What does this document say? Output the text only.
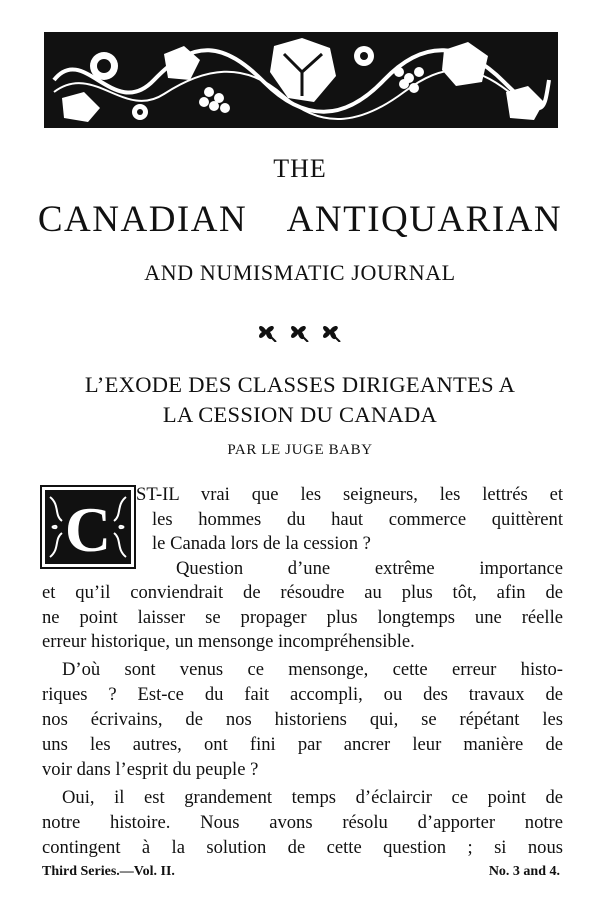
THE
CANADIAN  ANTIQUARIAN
AND NUMISMATIC JOURNAL
L’EXODE DES CLASSES DIRIGEANTES A
LA CESSION DU CANADA
PAR LE JUGE BABY
C ST-IL vrai que les seigneurs, les lettrés et
les hommes du haut commerce quittèrent
le Canada lors de la cession ?
Question d’une extrême importance
et qu’il conviendrait de résoudre au plus tôt, afin de
ne point laisser se propager plus longtemps une réelle
erreur historique, un mensonge incompréhensible.
D’où sont venus ce mensonge, cette erreur histo-
riques ? Est-ce du fait accompli, ou des travaux de
nos écrivains, de nos historiens qui, se répétant les
uns les autres, ont fini par ancrer leur manière de
voir dans l’esprit du peuple ?
Oui, il est grandement temps d’éclaircir ce point de
notre histoire. Nous avons résolu d’apporter notre
contingent à la solution de cette question ; si nous
Third Series.—Vol. II.	No. 3 and 4.
